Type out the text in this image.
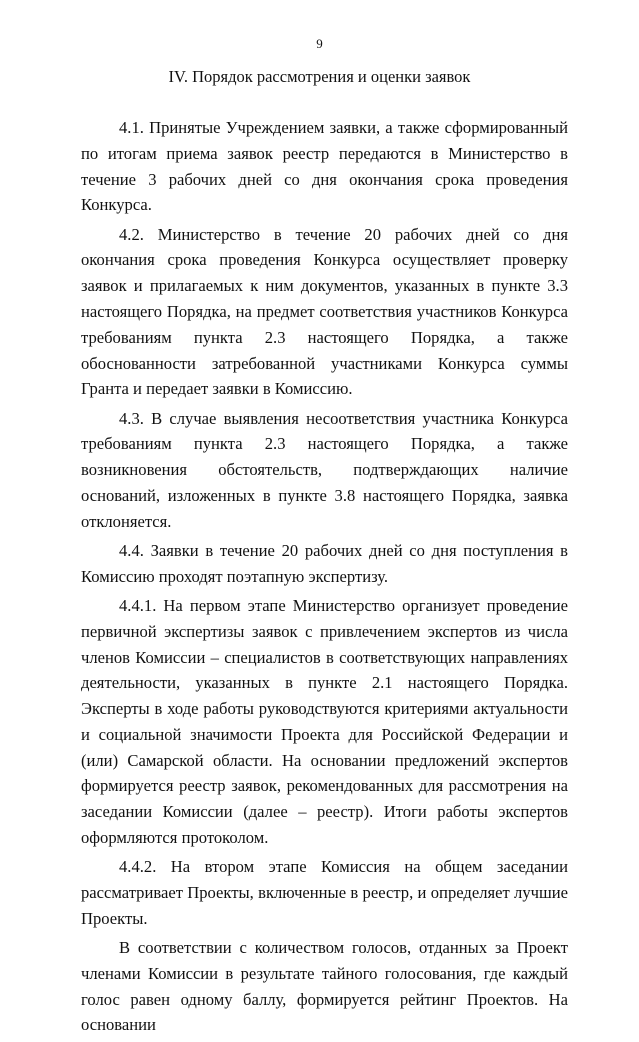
9
IV. Порядок рассмотрения и оценки заявок

4.1. Принятые Учреждением заявки, а также сформированный по итогам приема заявок реестр передаются в Министерство в течение 3 рабочих дней со дня окончания срока проведения Конкурса.

4.2. Министерство в течение 20 рабочих дней со дня окончания срока проведения Конкурса осуществляет проверку заявок и прилагаемых к ним документов, указанных в пункте 3.3 настоящего Порядка, на предмет соответствия участников Конкурса требованиям пункта 2.3 настоящего Порядка, а также обоснованности затребованной участниками Конкурса суммы Гранта и передает заявки в Комиссию.

4.3. В случае выявления несоответствия участника Конкурса требованиям пункта 2.3 настоящего Порядка, а также возникновения обстоятельств, подтверждающих наличие оснований, изложенных в пункте 3.8 настоящего Порядка, заявка отклоняется.

4.4. Заявки в течение 20 рабочих дней со дня поступления в Комиссию проходят поэтапную экспертизу.

4.4.1. На первом этапе Министерство организует проведение первичной экспертизы заявок с привлечением экспертов из числа членов Комиссии – специалистов в соответствующих направлениях деятельности, указанных в пункте 2.1 настоящего Порядка. Эксперты в ходе работы руководствуются критериями актуальности и социальной значимости Проекта для Российской Федерации и (или) Самарской области. На основании предложений экспертов формируется реестр заявок, рекомендованных для рассмотрения на заседании Комиссии (далее – реестр). Итоги работы экспертов оформляются протоколом.

4.4.2. На втором этапе Комиссия на общем заседании рассматривает Проекты, включенные в реестр, и определяет лучшие Проекты.

В соответствии с количеством голосов, отданных за Проект членами Комиссии в результате тайного голосования, где каждый голос равен одному баллу, формируется рейтинг Проектов. На основании
